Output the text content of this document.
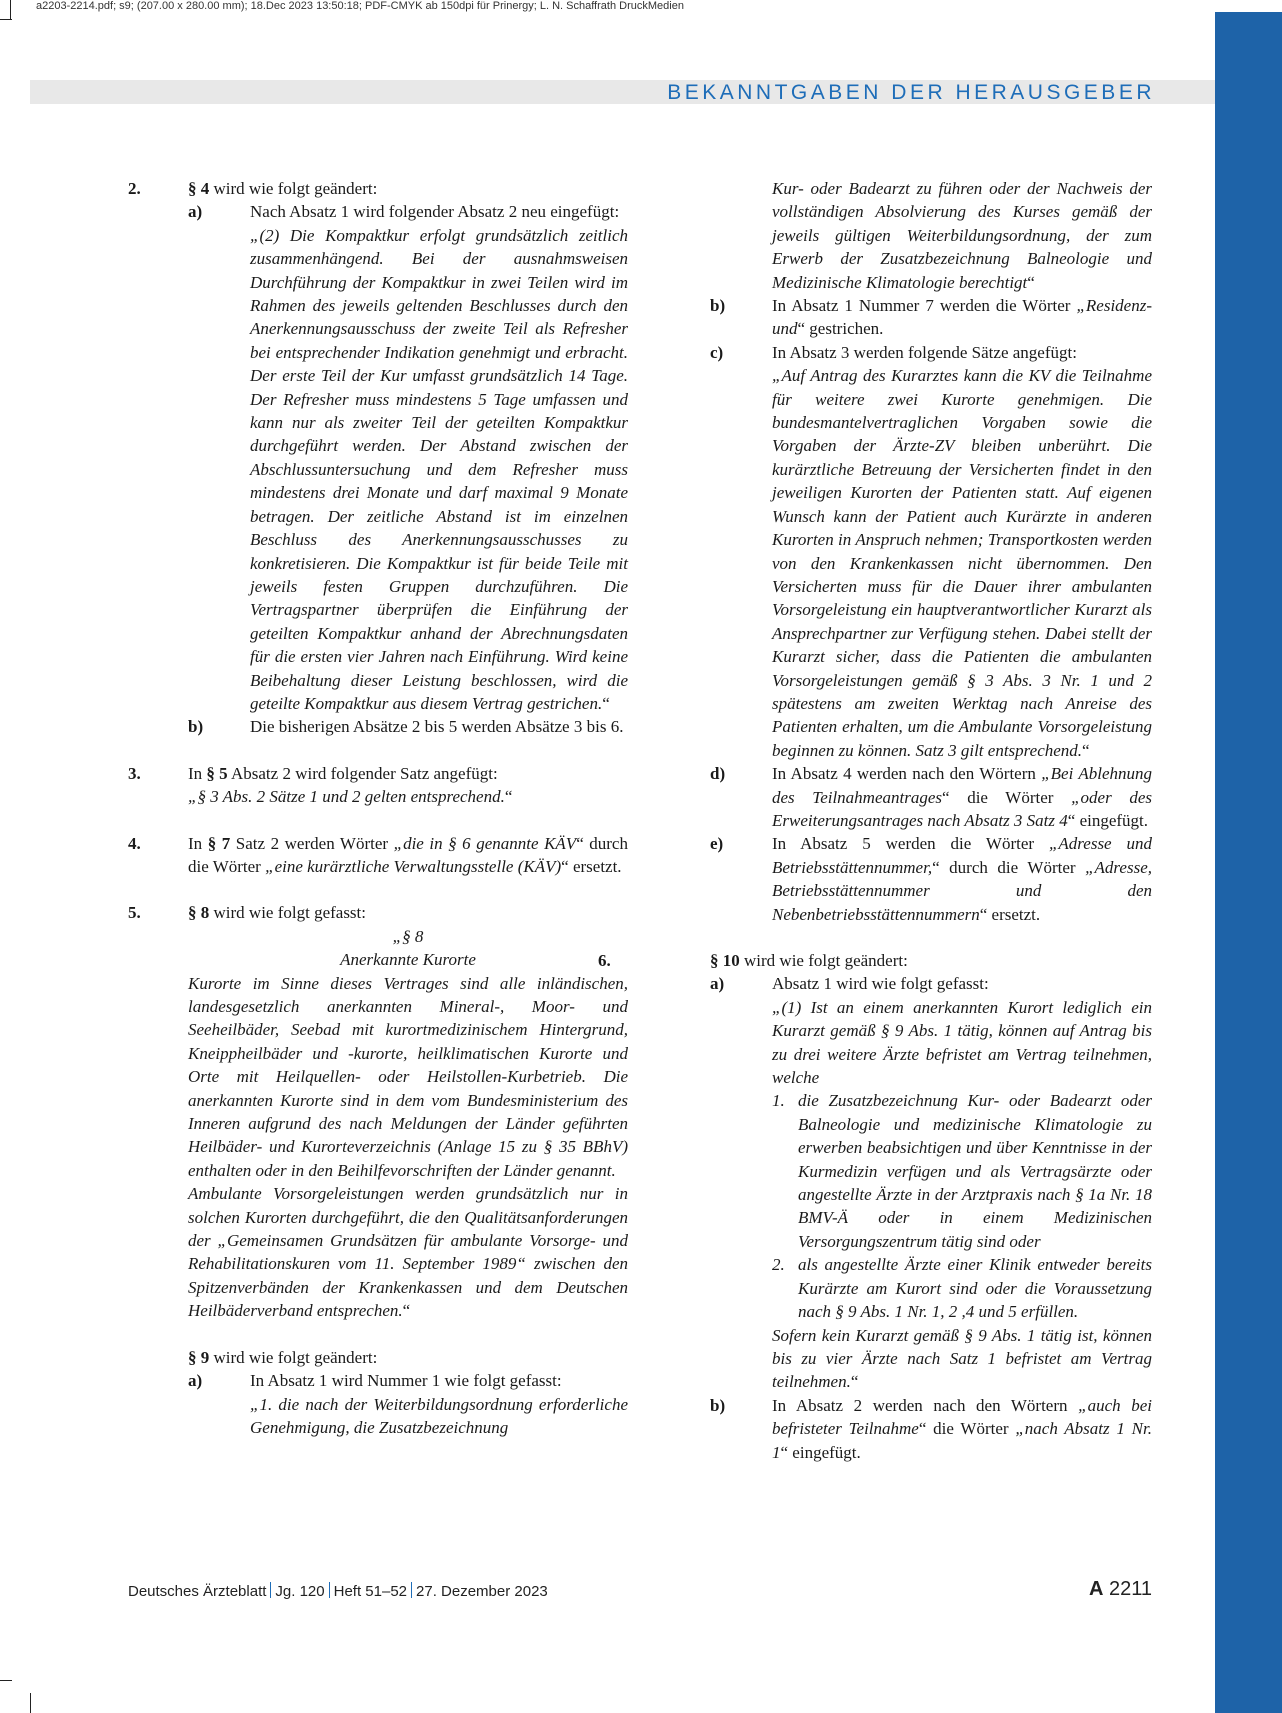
a2203-2214.pdf; s9; (207.00 x 280.00 mm); 18.Dec 2023 13:50:18; PDF-CMYK ab 150dpi für Prinergy; L. N. Schaffrath DruckMedien
BEKANNTGABEN DER HERAUSGEBER
2.	§ 4 wird wie folgt geändert:
a)	Nach Absatz 1 wird folgender Absatz 2 neu eingefügt:
„(2) Die Kompaktkur erfolgt grundsätzlich zeitlich zusammenhängend. Bei der ausnahmsweisen Durchführung der Kompaktkur in zwei Teilen wird im Rahmen des jeweils geltenden Beschlusses durch den Anerkennungsausschuss der zweite Teil als Refresher bei entsprechender Indikation genehmigt und erbracht. Der erste Teil der Kur umfasst grundsätzlich 14 Tage. Der Refresher muss mindestens 5 Tage umfassen und kann nur als zweiter Teil der geteilten Kompaktkur durchgeführt werden. Der Abstand zwischen der Abschlussuntersuchung und dem Refresher muss mindestens drei Monate und darf maximal 9 Monate betragen. Der zeitliche Abstand ist im einzelnen Beschluss des Anerkennungsausschusses zu konkretisieren. Die Kompaktkur ist für beide Teile mit jeweils festen Gruppen durchzuführen. Die Vertragspartner überprüfen die Einführung der geteilten Kompaktkur anhand der Abrechnungsdaten für die ersten vier Jahren nach Einführung. Wird keine Beibehaltung dieser Leistung beschlossen, wird die geteilte Kompaktkur aus diesem Vertrag gestrichen.“
b)	Die bisherigen Absätze 2 bis 5 werden Absätze 3 bis 6.
3.	In § 5 Absatz 2 wird folgender Satz angefügt:
„§ 3 Abs. 2 Sätze 1 und 2 gelten entsprechend.“
4.	In § 7 Satz 2 werden Wörter „die in § 6 genannte KÄV“ durch die Wörter „eine kurärztliche Verwaltungsstelle (KÄV)“ ersetzt.
5.	§ 8 wird wie folgt gefasst:
„§ 8
Anerkannte Kurorte
Kurorte im Sinne dieses Vertrages sind alle inländischen, landesgesetzlich anerkannten Mineral-, Moor- und Seeheilbäder, Seebad mit kurortmedizinischem Hintergrund, Kneippheilbäder und -kurorte, heilklimatischen Kurorte und Orte mit Heilquellen- oder Heilstollen-Kurbetrieb. Die anerkannten Kurorte sind in dem vom Bundesministerium des Inneren aufgrund des nach Meldungen der Länder geführten Heilbäder- und Kurorteverzeichnis (Anlage 15 zu § 35 BBhV) enthalten oder in den Beihilfevorschriften der Länder genannt.
Ambulante Vorsorgeleistungen werden grundsätzlich nur in solchen Kurorten durchgeführt, die den Qualitätsanforderungen der „Gemeinsamen Grundsätzen für ambulante Vorsorge- und Rehabilitationskuren vom 11. September 1989“ zwischen den Spitzenverbänden der Krankenkassen und dem Deutschen Heilbäderverband entsprechen.“
§ 9 wird wie folgt geändert:
a)	In Absatz 1 wird Nummer 1 wie folgt gefasst:
„1. die nach der Weiterbildungsordnung erforderliche Genehmigung, die Zusatzbezeichnung
Kur- oder Badearzt zu führen oder der Nachweis der vollständigen Absolvierung des Kurses gemäß der jeweils gültigen Weiterbildungsordnung, der zum Erwerb der Zusatzbezeichnung Balneologie und Medizinische Klimatologie berechtigt“
b)	In Absatz 1 Nummer 7 werden die Wörter „Residenz- und“ gestrichen.
c)	In Absatz 3 werden folgende Sätze angefügt:
„Auf Antrag des Kurarztes kann die KV die Teilnahme für weitere zwei Kurorte genehmigen. Die bundesmantelvertraglichen Vorgaben sowie die Vorgaben der Ärzte-ZV bleiben unberührt. Die kurärztliche Betreuung der Versicherten findet in den jeweiligen Kurorten der Patienten statt. Auf eigenen Wunsch kann der Patient auch Kurärzte in anderen Kurorten in Anspruch nehmen; Transportkosten werden von den Krankenkassen nicht übernommen. Den Versicherten muss für die Dauer ihrer ambulanten Vorsorgeleistung ein hauptverantwortlicher Kurarzt als Ansprechpartner zur Verfügung stehen. Dabei stellt der Kurarzt sicher, dass die Patienten die ambulanten Vorsorgeleistungen gemäß § 3 Abs. 3 Nr. 1 und 2 spätestens am zweiten Werktag nach Anreise des Patienten erhalten, um die Ambulante Vorsorgeleistung beginnen zu können. Satz 3 gilt entsprechend.“
d)	In Absatz 4 werden nach den Wörtern „Bei Ablehnung des Teilnahmeantrages“ die Wörter „oder des Erweiterungsantrages nach Absatz 3 Satz 4“ eingefügt.
e)	In Absatz 5 werden die Wörter „Adresse und Betriebsstättennummer,“ durch die Wörter „Adresse, Betriebsstättennummer und den Nebenbetriebsstättennummern“ ersetzt.
6.	§ 10 wird wie folgt geändert:
a)	Absatz 1 wird wie folgt gefasst:
„(1) Ist an einem anerkannten Kurort lediglich ein Kurarzt gemäß § 9 Abs. 1 tätig, können auf Antrag bis zu drei weitere Ärzte befristet am Vertrag teilnehmen, welche
1. die Zusatzbezeichnung Kur- oder Badearzt oder Balneologie und medizinische Klimatologie zu erwerben beabsichtigen und über Kenntnisse in der Kurmedizin verfügen und als Vertragsärzte oder angestellte Ärzte in der Arztpraxis nach § 1a Nr. 18 BMV-Ä oder in einem Medizinischen Versorgungszentrum tätig sind oder
2. als angestellte Ärzte einer Klinik entweder bereits Kurärzte am Kurort sind oder die Voraussetzung nach § 9 Abs. 1 Nr. 1, 2 ,4 und 5 erfüllen.
Sofern kein Kurarzt gemäß § 9 Abs. 1 tätig ist, können bis zu vier Ärzte nach Satz 1 befristet am Vertrag teilnehmen.“
b)	In Absatz 2 werden nach den Wörtern „auch bei befristeter Teilnahme“ die Wörter „nach Absatz 1 Nr. 1“ eingefügt.
Deutsches Ärzteblatt Jg. 120 Heft 51–52 27. Dezember 2023	A 2211
